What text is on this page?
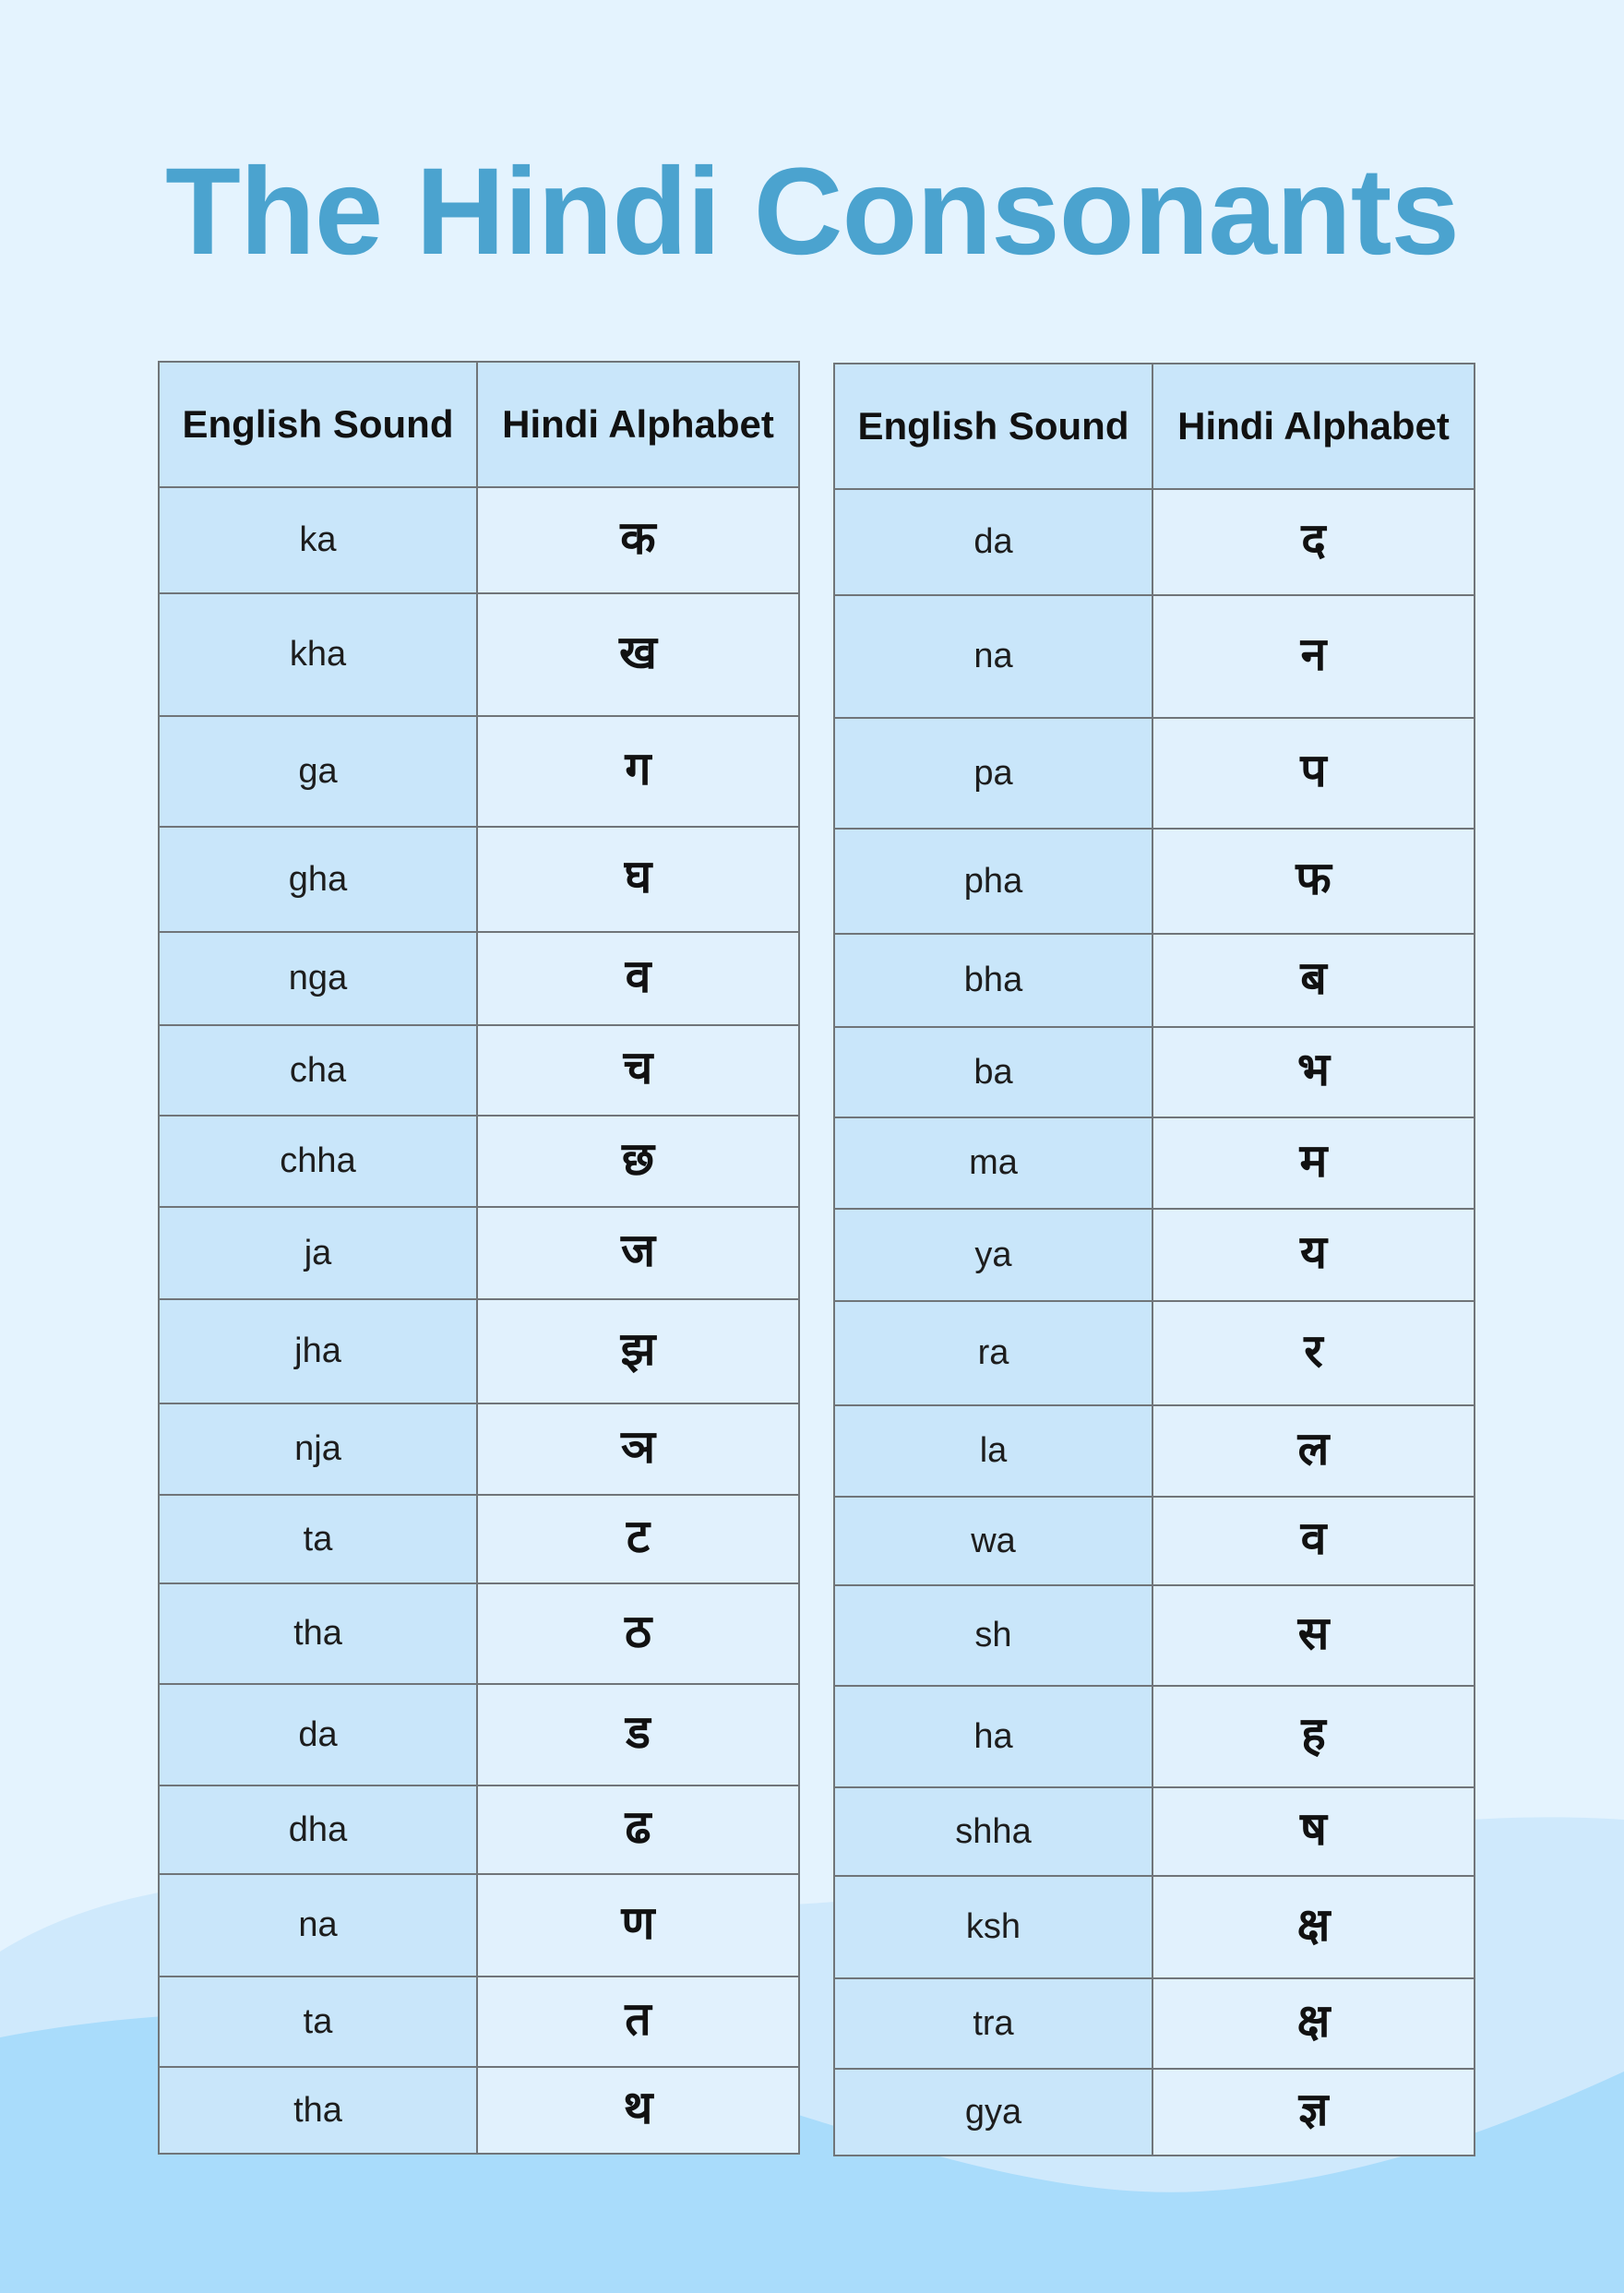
The Hindi Consonants
English Sound	Hindi Alphabet
ka	क
kha	ख
ga	ग
gha	घ
nga	व
cha	च
chha	छ
ja	ज
jha	झ
nja	ञ
ta	ट
tha	ठ
da	ड
dha	ढ
na	ण
ta	त
tha	थ
English Sound	Hindi Alphabet
da	द
na	न
pa	प
pha	फ
bha	ब
ba	भ
ma	म
ya	य
ra	र
la	ल
wa	व
sh	स
ha	ह
shha	ष
ksh	क्ष
tra	क्ष
gya	ज्ञ
